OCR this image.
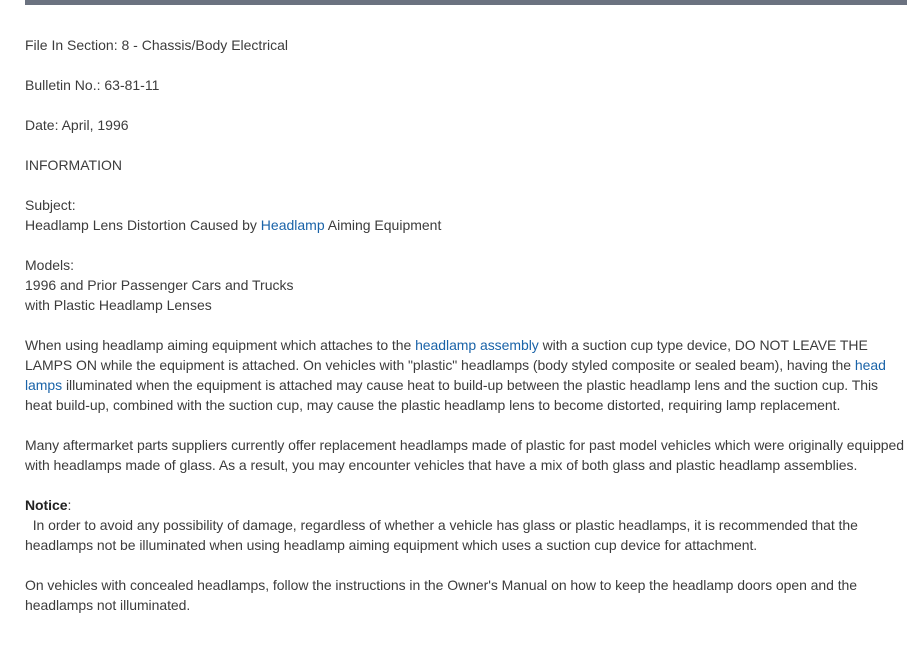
File In Section: 8 - Chassis/Body Electrical
Bulletin No.: 63-81-11
Date: April, 1996
INFORMATION
Subject:
Headlamp Lens Distortion Caused by Headlamp Aiming Equipment
Models:
1996 and Prior Passenger Cars and Trucks
with Plastic Headlamp Lenses

When using headlamp aiming equipment which attaches to the headlamp assembly with a suction cup type device, DO NOT LEAVE THE LAMPS ON while the equipment is attached. On vehicles with "plastic" headlamps (body styled composite or sealed beam), having the head lamps illuminated when the equipment is attached may cause heat to build-up between the plastic headlamp lens and the suction cup. This heat build-up, combined with the suction cup, may cause the plastic headlamp lens to become distorted, requiring lamp replacement.

Many aftermarket parts suppliers currently offer replacement headlamps made of plastic for past model vehicles which were originally equipped with headlamps made of glass. As a result, you may encounter vehicles that have a mix of both glass and plastic headlamp assemblies.

Notice:
In order to avoid any possibility of damage, regardless of whether a vehicle has glass or plastic headlamps, it is recommended that the headlamps not be illuminated when using headlamp aiming equipment which uses a suction cup device for attachment.

On vehicles with concealed headlamps, follow the instructions in the Owner's Manual on how to keep the headlamp doors open and the headlamps not illuminated.
